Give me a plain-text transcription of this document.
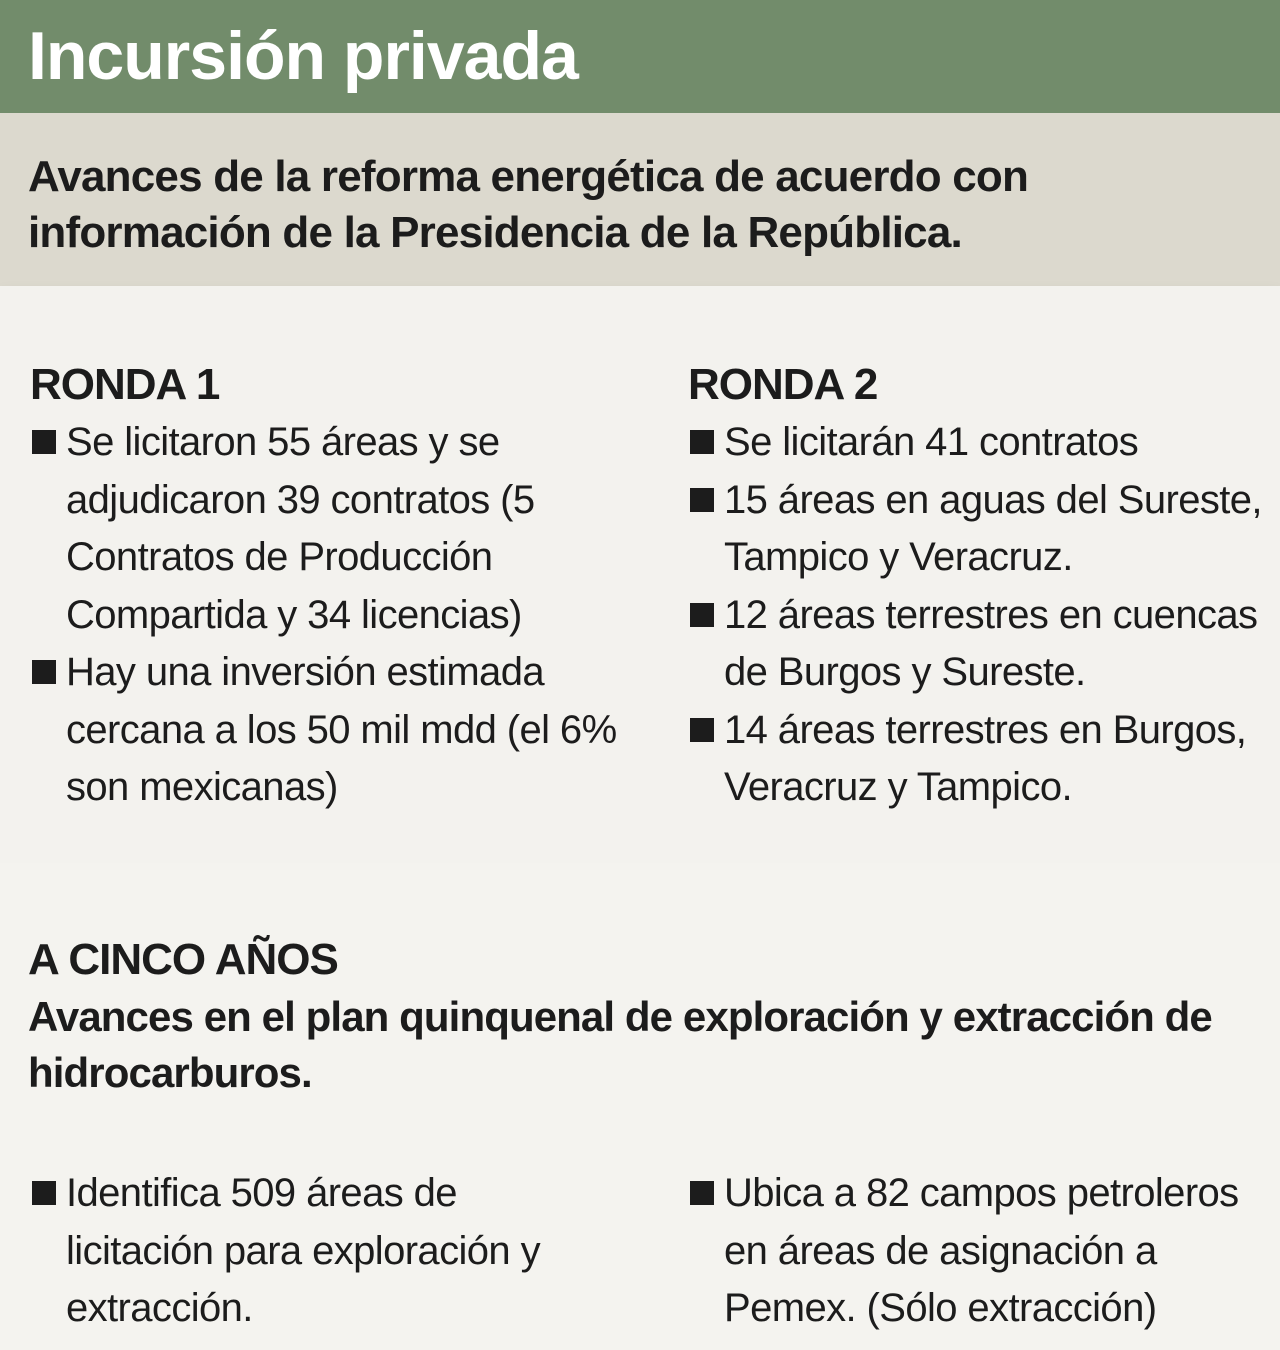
Incursión privada

Avances de la reforma energética de acuerdo con información de la Presidencia de la República.

RONDA 1
Se licitaron 55 áreas y se adjudicaron 39 contratos (5 Contratos de Producción Compartida y 34 licencias)
Hay una inversión estimada cercana a los 50 mil mdd (el 6% son mexicanas)
RONDA 2
Se licitarán 41 contratos
15 áreas en aguas del Sureste, Tampico y Veracruz.
12 áreas terrestres en cuencas de Burgos y Sureste.
14 áreas terrestres en Burgos, Veracruz y Tampico.

A CINCO AÑOS

Avances en el plan quinquenal de exploración y extracción de hidrocarburos.

Identifica 509 áreas de licitación para exploración y extracción.
Ubica a 82 campos petroleros en áreas de asignación a Pemex. (Sólo extracción)
